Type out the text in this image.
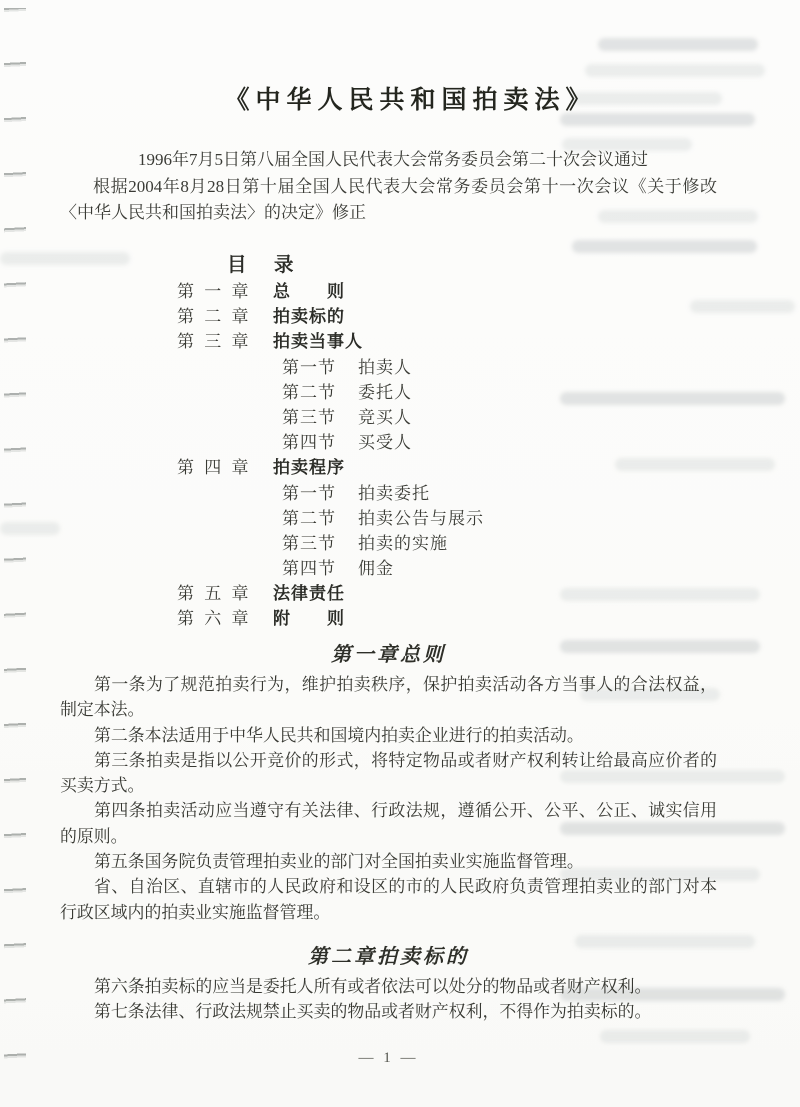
《中华人民共和国拍卖法》

1996年7月5日第八届全国人民代表大会常务委员会第二十次会议通过

根据2004年8月28日第十届全国人民代表大会常务委员会第十一次会议《关于修改〈中华人民共和国拍卖法〉的决定》修正

目　录
第 一 章 总　　则
第 二 章 拍卖标的
第 三 章 拍卖当事人
第一节 拍卖人
第二节 委托人
第三节 竞买人
第四节 买受人
第 四 章 拍卖程序
第一节 拍卖委托
第二节 拍卖公告与展示
第三节 拍卖的实施
第四节 佣金
第 五 章 法律责任
第 六 章 附　　则
第一章总则

第一条为了规范拍卖行为，维护拍卖秩序，保护拍卖活动各方当事人的合法权益，制定本法。

第二条本法适用于中华人民共和国境内拍卖企业进行的拍卖活动。

第三条拍卖是指以公开竞价的形式，将特定物品或者财产权利转让给最高应价者的买卖方式。

第四条拍卖活动应当遵守有关法律、行政法规，遵循公开、公平、公正、诚实信用的原则。

第五条国务院负责管理拍卖业的部门对全国拍卖业实施监督管理。

省、自治区、直辖市的人民政府和设区的市的人民政府负责管理拍卖业的部门对本行政区域内的拍卖业实施监督管理。

第二章拍卖标的

第六条拍卖标的应当是委托人所有或者依法可以处分的物品或者财产权利。

第七条法律、行政法规禁止买卖的物品或者财产权利，不得作为拍卖标的。

— 1 —
